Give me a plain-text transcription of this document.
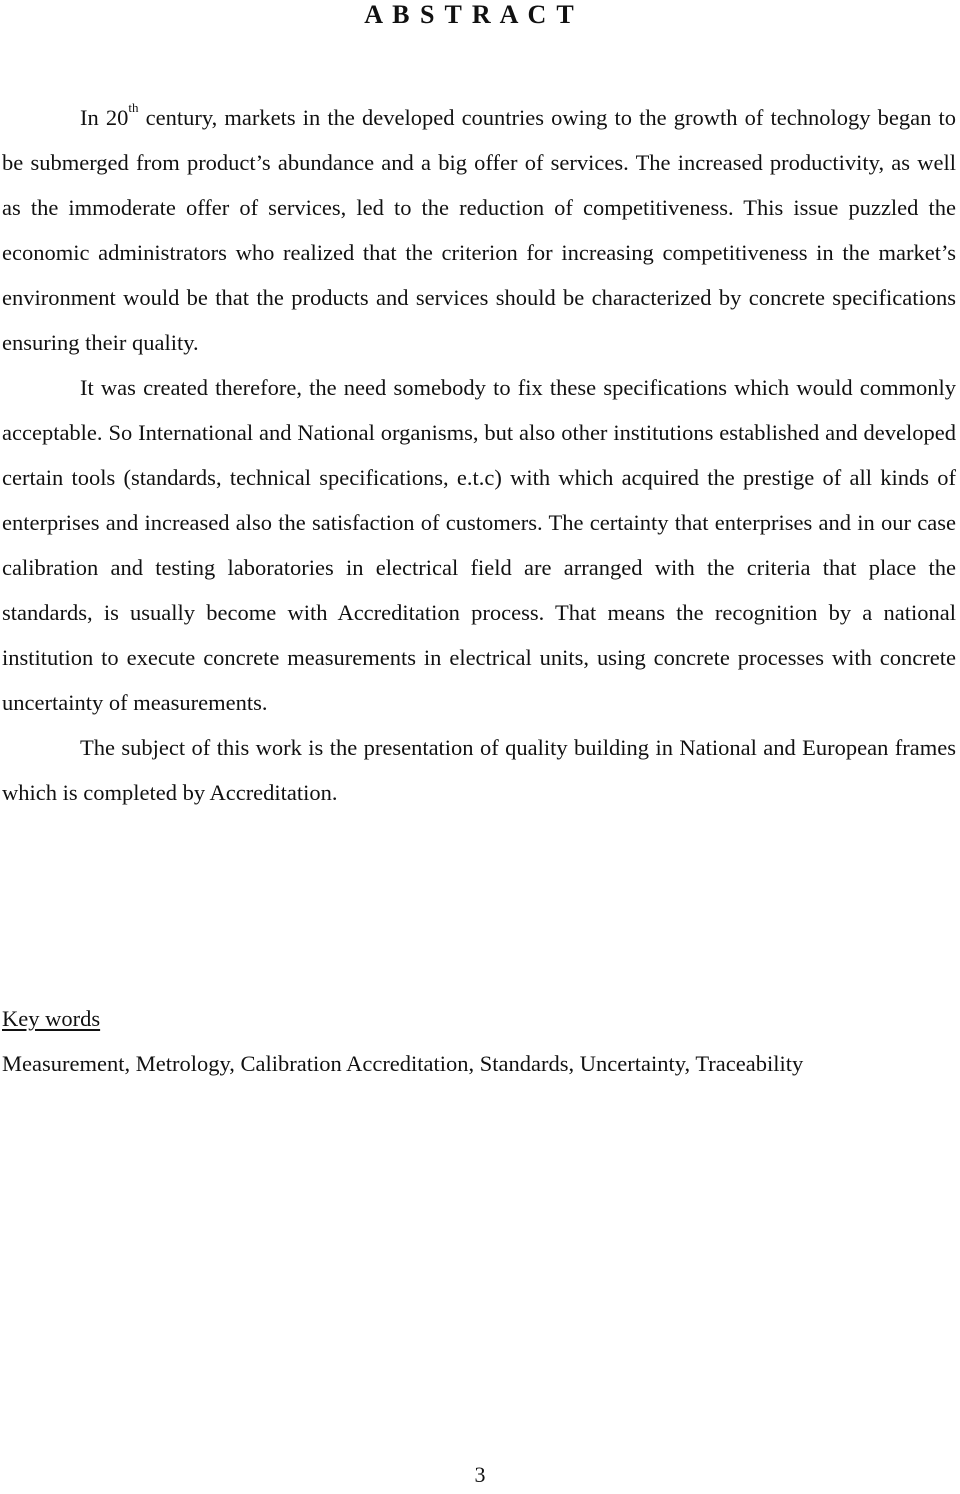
A B S T R A C T

In 20th century, markets in the developed countries owing to the growth of technology began to be submerged from product’s abundance and a big offer of services. The increased productivity, as well as the immoderate offer of services, led to the reduction of competitiveness. This issue puzzled the economic administrators who realized that the criterion for increasing competitiveness in the market’s environment would be that the products and services should be characterized by concrete specifications ensuring their quality.

It was created therefore, the need somebody to fix these specifications which would commonly acceptable. So International and National organisms, but also other institutions established and developed certain tools (standards, technical specifications, e.t.c) with which acquired the prestige of all kinds of enterprises and increased also the satisfaction of customers. The certainty that enterprises and in our case calibration and testing laboratories in electrical field are arranged with the criteria that place the standards, is usually become with Accreditation process. That means the recognition by a national institution to execute concrete measurements in electrical units, using concrete processes with concrete uncertainty of measurements.

The subject of this work is the presentation of quality building in National and European frames which is completed by Accreditation.

Key words
Measurement, Metrology, Calibration Accreditation, Standards, Uncertainty, Traceability
3
